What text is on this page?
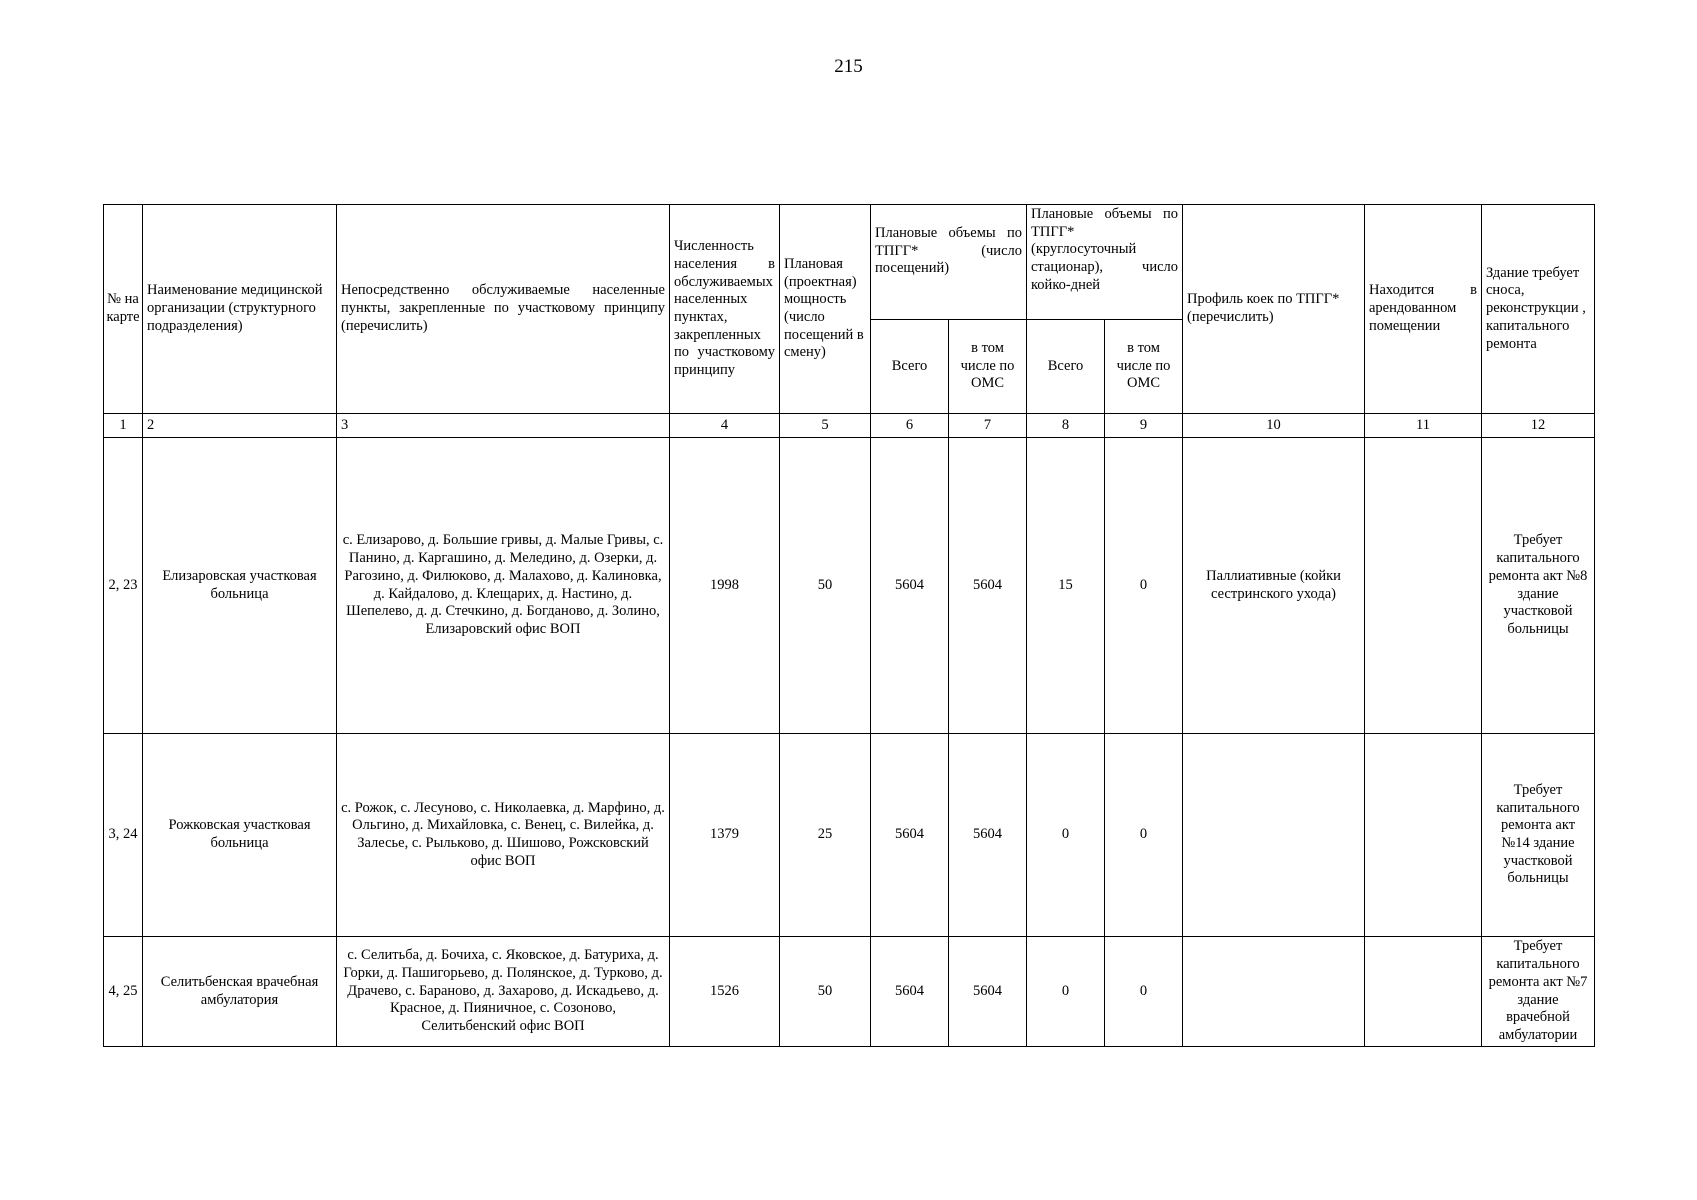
215
№ на карте	Наименование медицинской организации (структурного подразделения)	Непосредственно обслуживаемые населенные пункты, закрепленные по участковому принципу (перечислить)	Численность населения в обслуживаемых населенных пунктах, закрепленных по участковому принципу	Плановая (проектная) мощность (число посещений в смену)	Плановые объемы по ТПГГ* (число посещений)		Плановые объемы по ТПГГ* (круглосуточный стационар), число койко-дней		Профиль коек по ТПГГ* (перечислить)	Находится в арендованном помещении	Здание требует сноса, реконструкции , капитального ремонта
					Всего	в том числе по ОМС	Всего	в том числе по ОМС			
1	2	3	4	5	6	7	8	9	10	11	12
2, 23	Елизаровская участковая больница	с. Елизарово, д. Большие гривы, д. Малые Гривы, с. Панино, д. Каргашино, д. Меледино, д. Озерки, д. Рагозино, д. Филюково, д. Малахово, д. Калиновка, д. Кайдалово, д. Клещарих, д. Настино, д. Шепелево, д. д. Стечкино, д. Богданово, д. Золино, Елизаровский офис ВОП	1998	50	5604	5604	15	0	Паллиативные (койки сестринского ухода)		Требует капитального ремонта акт №8 здание участковой больницы
3, 24	Рожковская участковая больница	с. Рожок, с. Лесуново, с. Николаевка, д. Марфино, д. Ольгино, д. Михайловка, с. Венец, с. Вилейка, д. Залесье, с. Рыльково, д. Шишово, Рожсковский офис ВОП	1379	25	5604	5604	0	0			Требует капитального ремонта акт №14 здание участковой больницы
4, 25	Селитьбенская врачебная амбулатория	с. Селитьба, д. Бочиха, с. Яковское, д. Батуриха, д. Горки, д. Пашигорьево, д. Полянское, д. Турково, д. Драчево, с. Бараново, д. Захарово, д. Искадьево, д. Красное, д. Пияничное, с. Созоново, Селитьбенский офис ВОП	1526	50	5604	5604	0	0			Требует капитального ремонта акт №7 здание врачебной амбулатории
